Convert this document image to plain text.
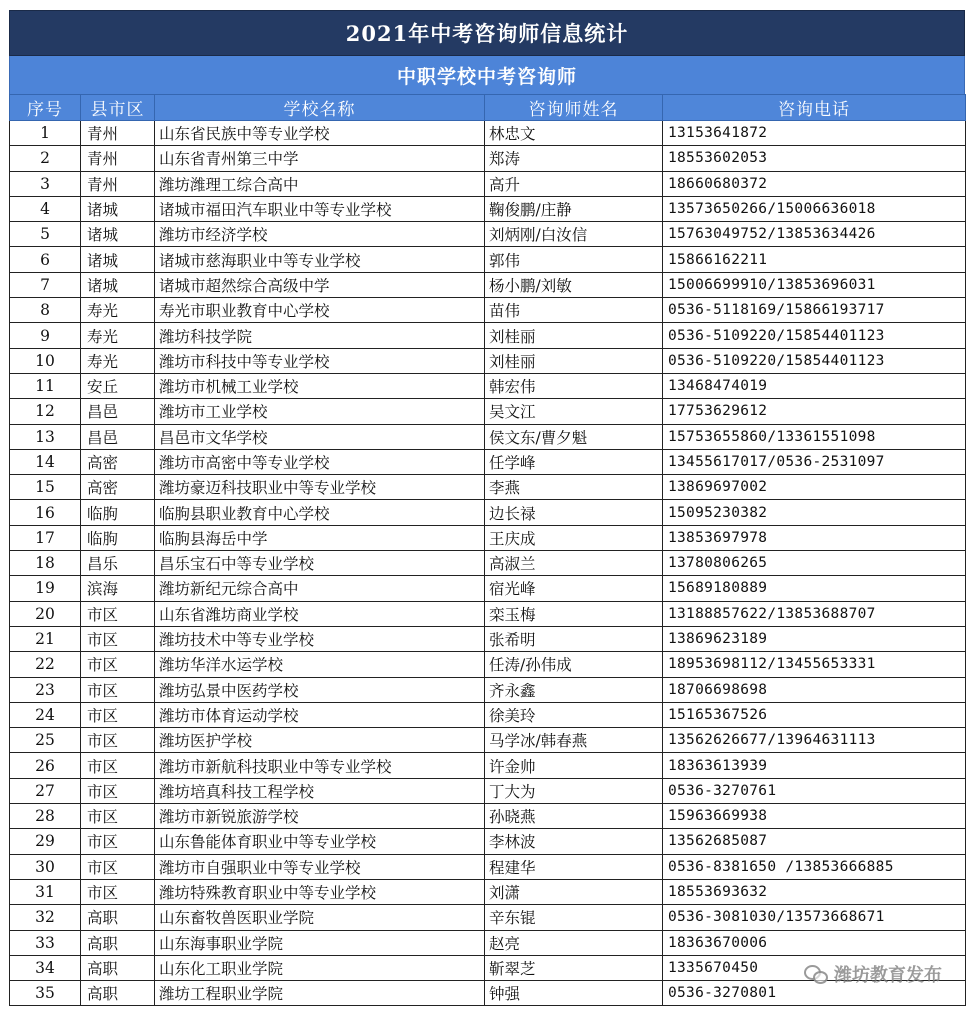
2021年中考咨询师信息统计
中职学校中考咨询师
序号	县市区	学校名称	咨询师姓名	咨询电话
1	青州	山东省民族中等专业学校	林忠文	13153641872
2	青州	山东省青州第三中学	郑涛	18553602053
3	青州	潍坊潍理工综合高中	高升	18660680372
4	诸城	诸城市福田汽车职业中等专业学校	鞠俊鹏/庄静	13573650266/15006636018
5	诸城	潍坊市经济学校	刘炳刚/白汝信	15763049752/13853634426
6	诸城	诸城市慈海职业中等专业学校	郭伟	15866162211
7	诸城	诸城市超然综合高级中学	杨小鹏/刘敏	15006699910/13853696031
8	寿光	寿光市职业教育中心学校	苗伟	0536-5118169/15866193717
9	寿光	潍坊科技学院	刘桂丽	0536-5109220/15854401123
10	寿光	潍坊市科技中等专业学校	刘桂丽	0536-5109220/15854401123
11	安丘	潍坊市机械工业学校	韩宏伟	13468474019
12	昌邑	潍坊市工业学校	吴文江	17753629612
13	昌邑	昌邑市文华学校	侯文东/曹夕魁	15753655860/13361551098
14	高密	潍坊市高密中等专业学校	任学峰	13455617017/0536-2531097
15	高密	潍坊豪迈科技职业中等专业学校	李燕	13869697002
16	临朐	临朐县职业教育中心学校	边长禄	15095230382
17	临朐	临朐县海岳中学	王庆成	13853697978
18	昌乐	昌乐宝石中等专业学校	高淑兰	13780806265
19	滨海	潍坊新纪元综合高中	宿光峰	15689180889
20	市区	山东省潍坊商业学校	栾玉梅	13188857622/13853688707
21	市区	潍坊技术中等专业学校	张希明	13869623189
22	市区	潍坊华洋水运学校	任涛/孙伟成	18953698112/13455653331
23	市区	潍坊弘景中医药学校	齐永鑫	18706698698
24	市区	潍坊市体育运动学校	徐美玲	15165367526
25	市区	潍坊医护学校	马学冰/韩春燕	13562626677/13964631113
26	市区	潍坊市新航科技职业中等专业学校	许金帅	18363613939
27	市区	潍坊培真科技工程学校	丁大为	0536-3270761
28	市区	潍坊市新锐旅游学校	孙晓燕	15963669938
29	市区	山东鲁能体育职业中等专业学校	李林波	13562685087
30	市区	潍坊市自强职业中等专业学校	程建华	0536-8381650 /13853666885
31	市区	潍坊特殊教育职业中等专业学校	刘潇	18553693632
32	高职	山东畜牧兽医职业学院	辛东锟	0536-3081030/13573668671
33	高职	山东海事职业学院	赵亮	18363670006
34	高职	山东化工职业学院	靳翠芝	1335670450
35	高职	潍坊工程职业学院	钟强	0536-3270801
潍坊教育发布
